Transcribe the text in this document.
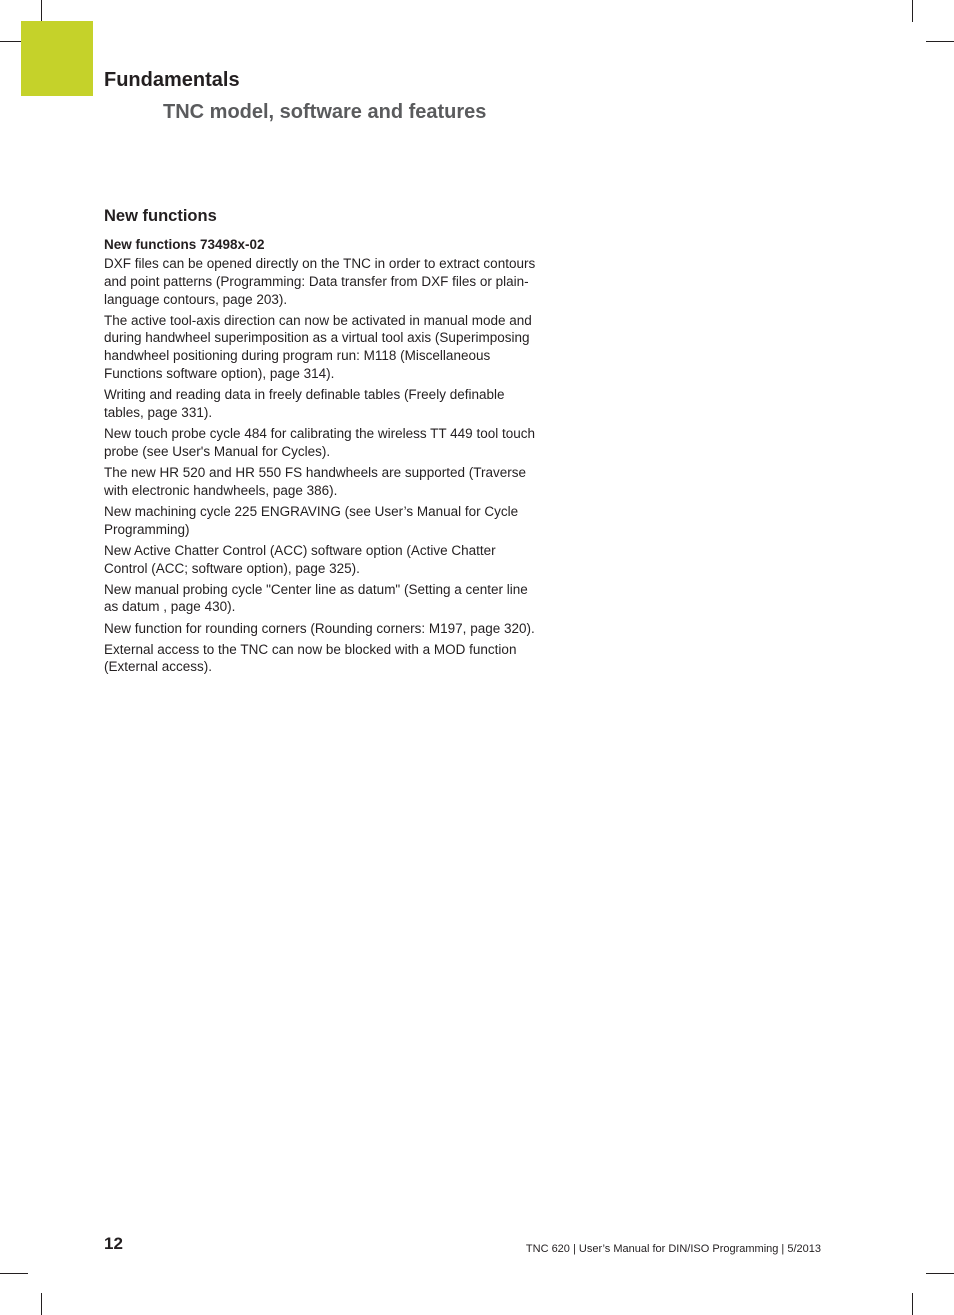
Fundamentals
TNC model, software and features
New functions
New functions 73498x-02

DXF files can be opened directly on the TNC in order to extract contours and point patterns (Programming: Data transfer from DXF files or plain-language contours, page 203).

The active tool-axis direction can now be activated in manual mode and during handwheel superimposition as a virtual tool axis (Superimposing handwheel positioning during program run: M118 (Miscellaneous Functions software option), page 314).

Writing and reading data in freely definable tables (Freely definable tables, page 331).

New touch probe cycle 484 for calibrating the wireless TT 449 tool touch probe (see User's Manual for Cycles).

The new HR 520 and HR 550 FS handwheels are supported (Traverse with electronic handwheels, page 386).

New machining cycle 225 ENGRAVING (see User’s Manual for Cycle Programming)

New Active Chatter Control (ACC) software option (Active Chatter Control (ACC; software option), page 325).

New manual probing cycle "Center line as datum" (Setting a center line as datum , page 430).

New function for rounding corners (Rounding corners: M197, page 320).

External access to the TNC can now be blocked with a MOD function (External access).

12	TNC 620 | User’s Manual for DIN/ISO Programming | 5/2013
